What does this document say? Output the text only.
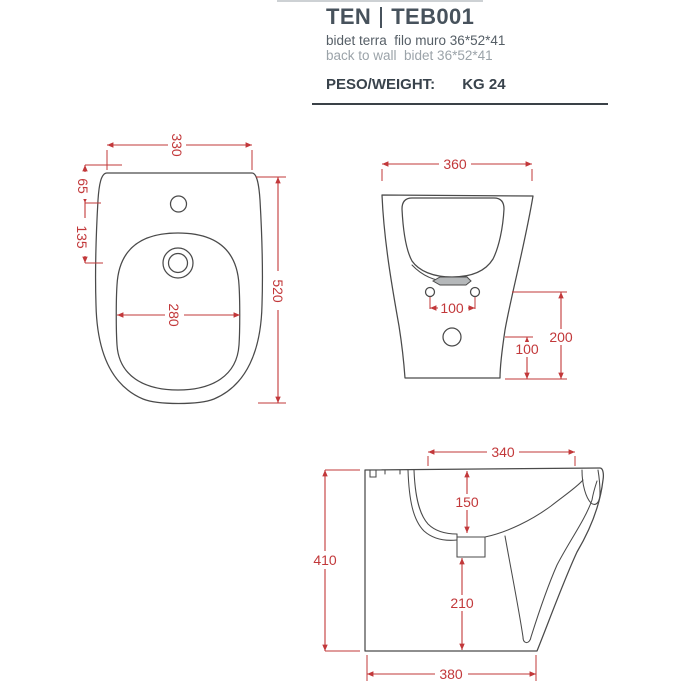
TEN TEB001
bidet terra  filo muro 36*52*41
back to wall  bidet 36*52*41
PESO/WEIGHT: KG 24
330
65
135
520
280
360
100
200
100
340
150
410
210
380
